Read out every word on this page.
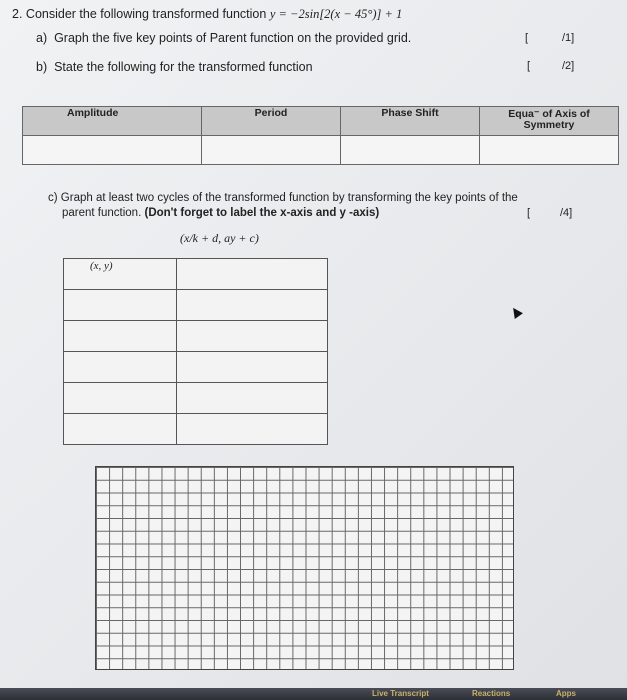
2. Consider the following transformed function y = −2sin[2(x − 45°)] + 1
a) Graph the five key points of Parent function on the provided grid.	[	/1]
b) State the following for the transformed function	[	/2]
Amplitude	Period	Phase Shift	Equa⁻ of Axis of Symmetry

c) Graph at least two cycles of the transformed function by transforming the key points of the
parent function. (Don't forget to label the x-axis and y -axis)	[	/4]
(x/k + d, ay + c)
(x, y)	

Live Transcript	Reactions	Apps
